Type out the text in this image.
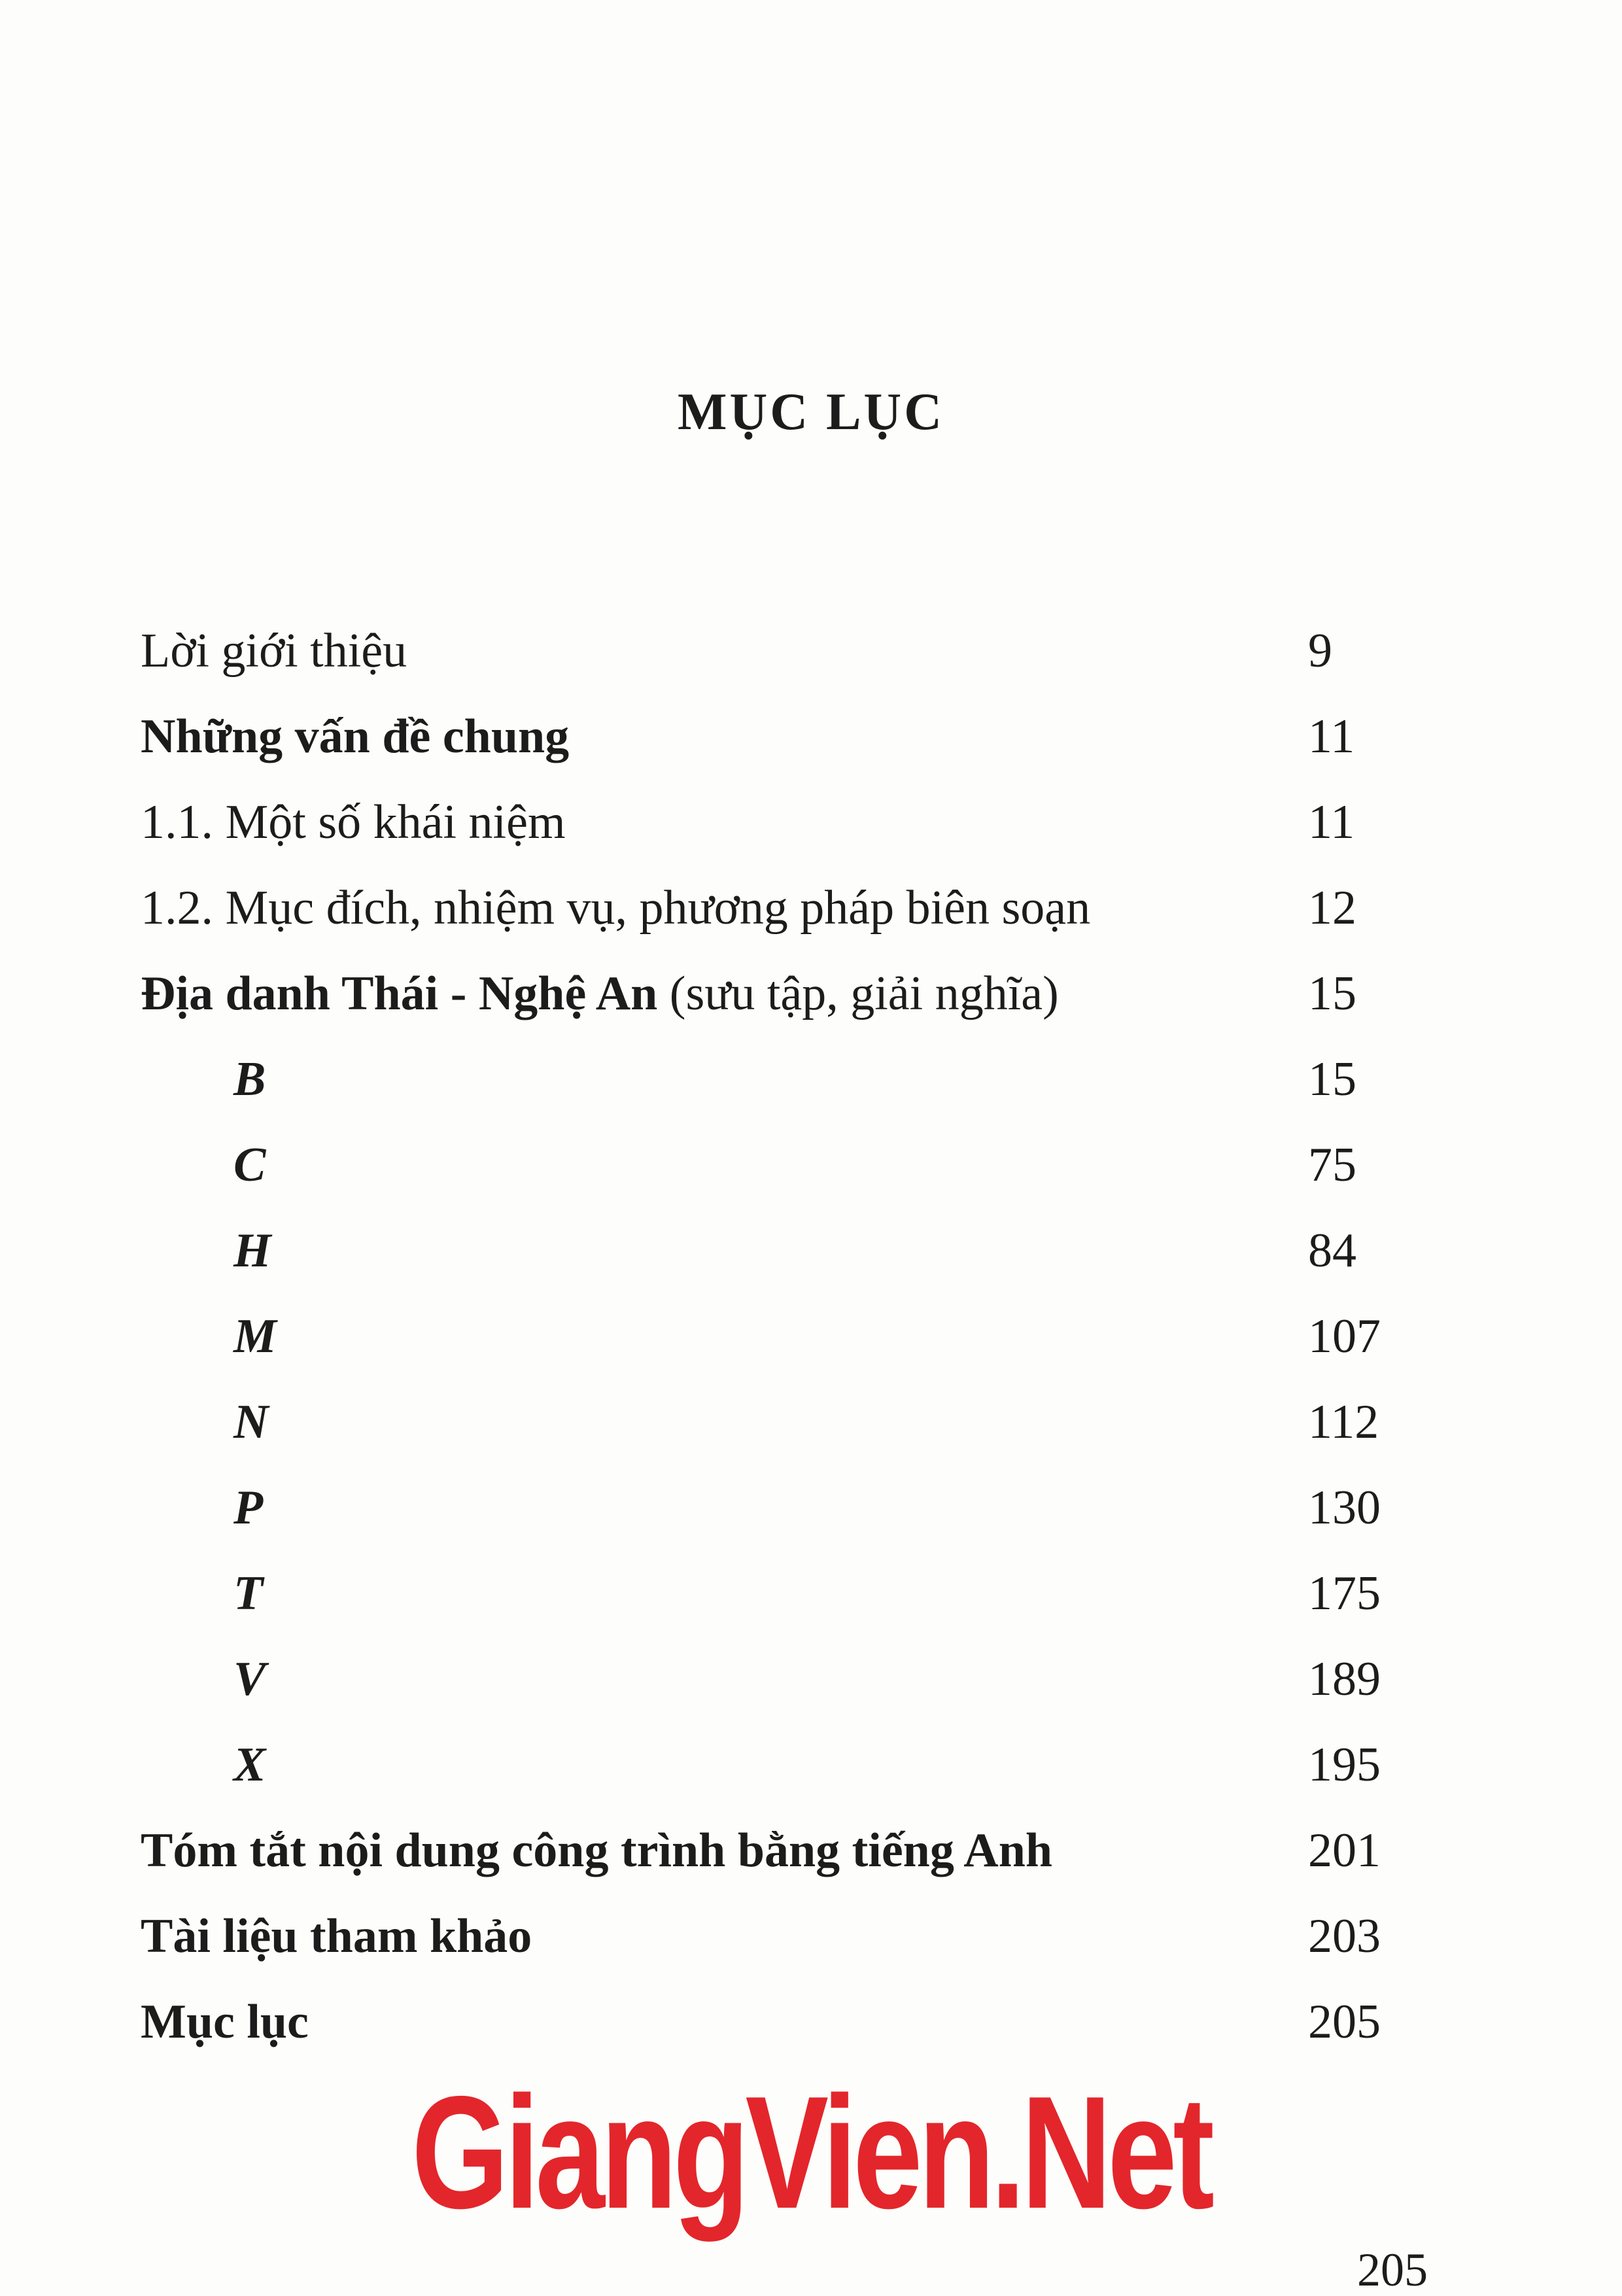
MỤC LỤC
Lời giới thiệu	9
Những vấn đề chung	11
1.1. Một số khái niệm	11
1.2. Mục đích, nhiệm vụ, phương pháp biên soạn	12
Địa danh Thái - Nghệ An (sưu tập, giải nghĩa)	15
B	15
C	75
H	84
M	107
N	112
P	130
T	175
V	189
X	195
Tóm tắt nội dung công trình bằng tiếng Anh	201
Tài liệu tham khảo	203
Mục lục	205
GiangVien.Net
205
